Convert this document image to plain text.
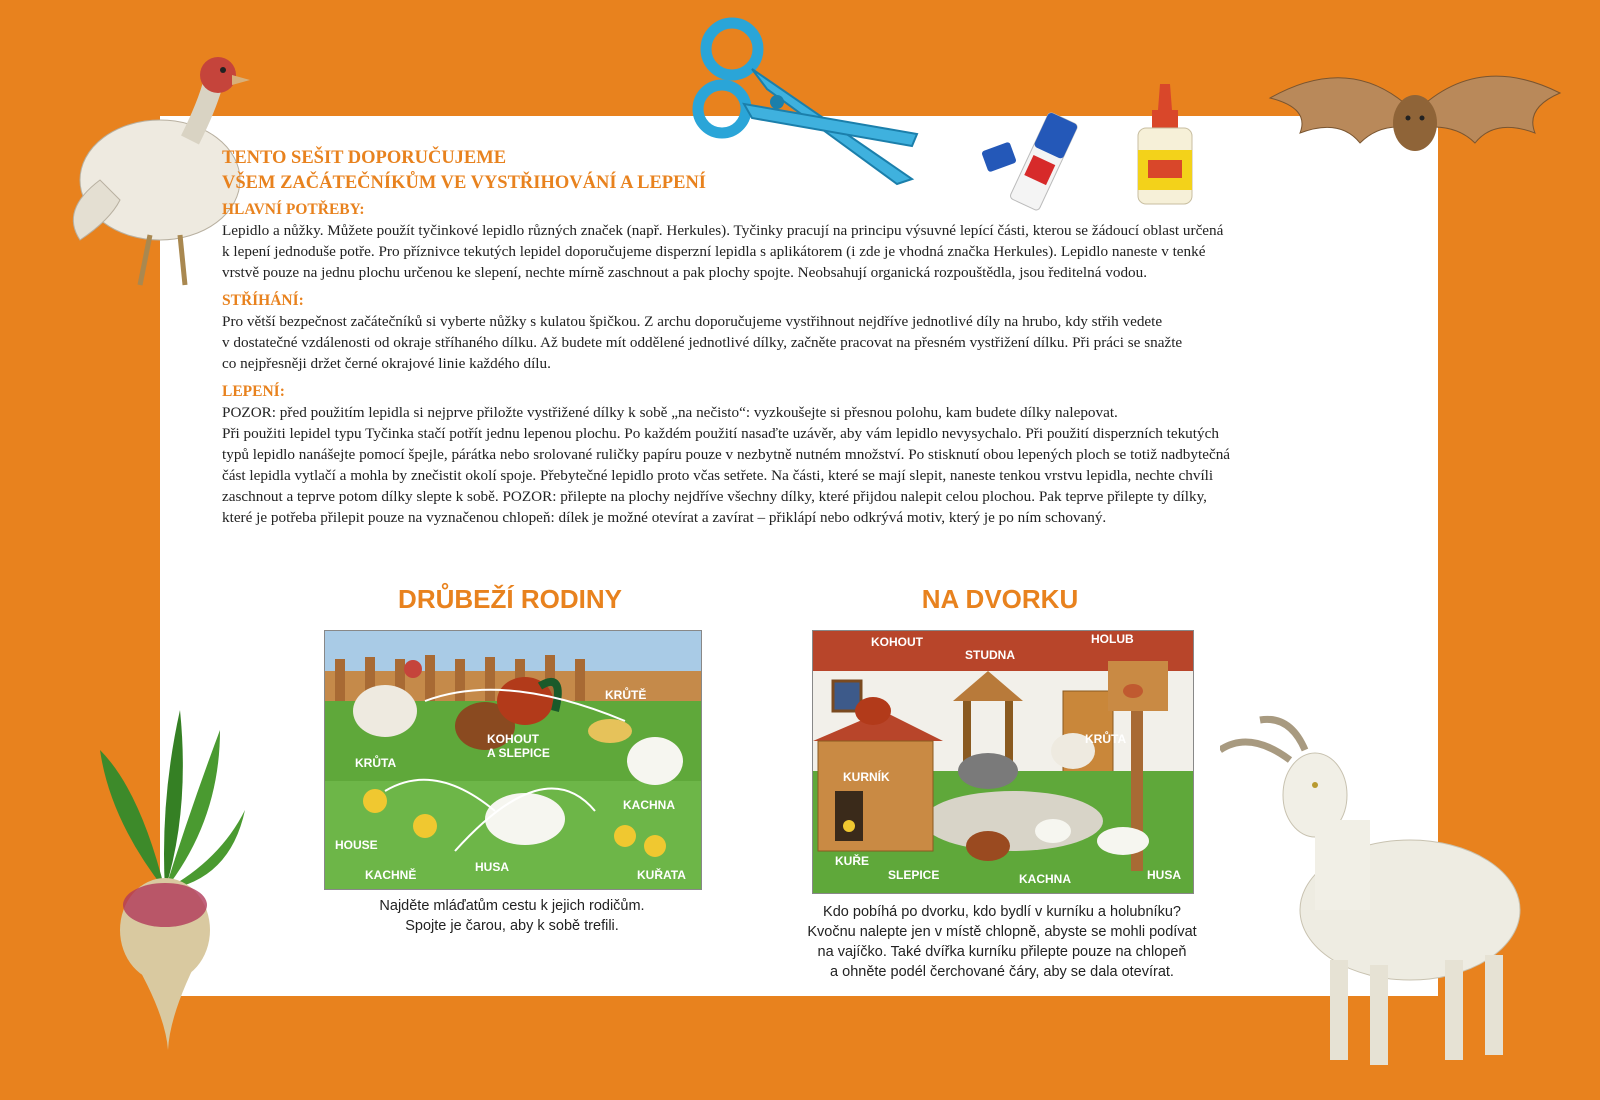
TENTO SEŠIT DOPORUČUJEME
VŠEM ZAČÁTEČNÍKŮM VE VYSTŘIHOVÁNÍ A LEPENÍ
HLAVNÍ POTŘEBY:

Lepidlo a nůžky. Můžete použít tyčinkové lepidlo různých značek (např. Herkules). Tyčinky pracují na principu výsuvné lepící části, kterou se žádoucí oblast určená

k lepení jednoduše potře. Pro příznivce tekutých lepidel doporučujeme disperzní lepidla s aplikátorem (i zde je vhodná značka Herkules). Lepidlo naneste v tenké

vrstvě pouze na jednu plochu určenou ke slepení, nechte mírně zaschnout a pak plochy spojte. Neobsahují organická rozpouštědla, jsou ředitelná vodou.

STŘÍHÁNÍ:

Pro větší bezpečnost začátečníků si vyberte nůžky s kulatou špičkou. Z archu doporučujeme vystřihnout nejdříve jednotlivé díly na hrubo, kdy střih vedete

v dostatečné vzdálenosti od okraje stříhaného dílku. Až budete mít oddělené jednotlivé dílky, začněte pracovat na přesném vystřižení dílku. Při práci se snažte

co nejpřesněji držet černé okrajové linie každého dílu.

LEPENÍ:

POZOR: před použitím lepidla si nejprve přiložte vystřižené dílky k sobě „na nečisto“: vyzkoušejte si přesnou polohu, kam budete dílky nalepovat.

Při použiti lepidel typu Tyčinka stačí potřít jednu lepenou plochu. Po každém použití nasaďte uzávěr, aby vám lepidlo nevysychalo. Při použití disperzních tekutých

typů lepidlo nanášejte pomocí špejle, párátka nebo srolované ruličky papíru pouze v nezbytně nutném množství. Po stisknutí obou lepených ploch se totiž nadbytečná

část lepidla vytlačí a mohla by znečistit okolí spoje. Přebytečné lepidlo proto včas setřete. Na části, které se mají slepit, naneste tenkou vrstvu lepidla, nechte chvíli

zaschnout a teprve potom dílky slepte k sobě. POZOR: přilepte na plochy nejdříve všechny dílky, které přijdou nalepit celou plochou. Pak teprve přilepte ty dílky,

které je potřeba přilepit pouze na vyznačenou chlopeň: dílek je možné otevírat a zavírat – přiklápí nebo odkrývá motiv, který je po ním schovaný.

DRŮBEŽÍ RODINY
KRŮTA
KOHOUT
A SLEPICE
KRŮTĚ
KACHNA
HOUSE
KACHNĚ
HUSA
KUŘATA
Najděte mláďatům cestu k jejich rodičům.
Spojte je čarou, aby k sobě trefili.
NA DVORKU
KOHOUT
STUDNA
HOLUB
KRŮTA
KURNÍK
KUŘE
SLEPICE	KACHNA	HUSA
Kdo pobíhá po dvorku, kdo bydlí v kurníku a holubníku?
Kvočnu nalepte jen v místě chlopně, abyste se mohli podívat
na vajíčko. Také dvířka kurníku přilepte pouze na chlopeň
a ohněte podél čerchované čáry, aby se dala otevírat.
